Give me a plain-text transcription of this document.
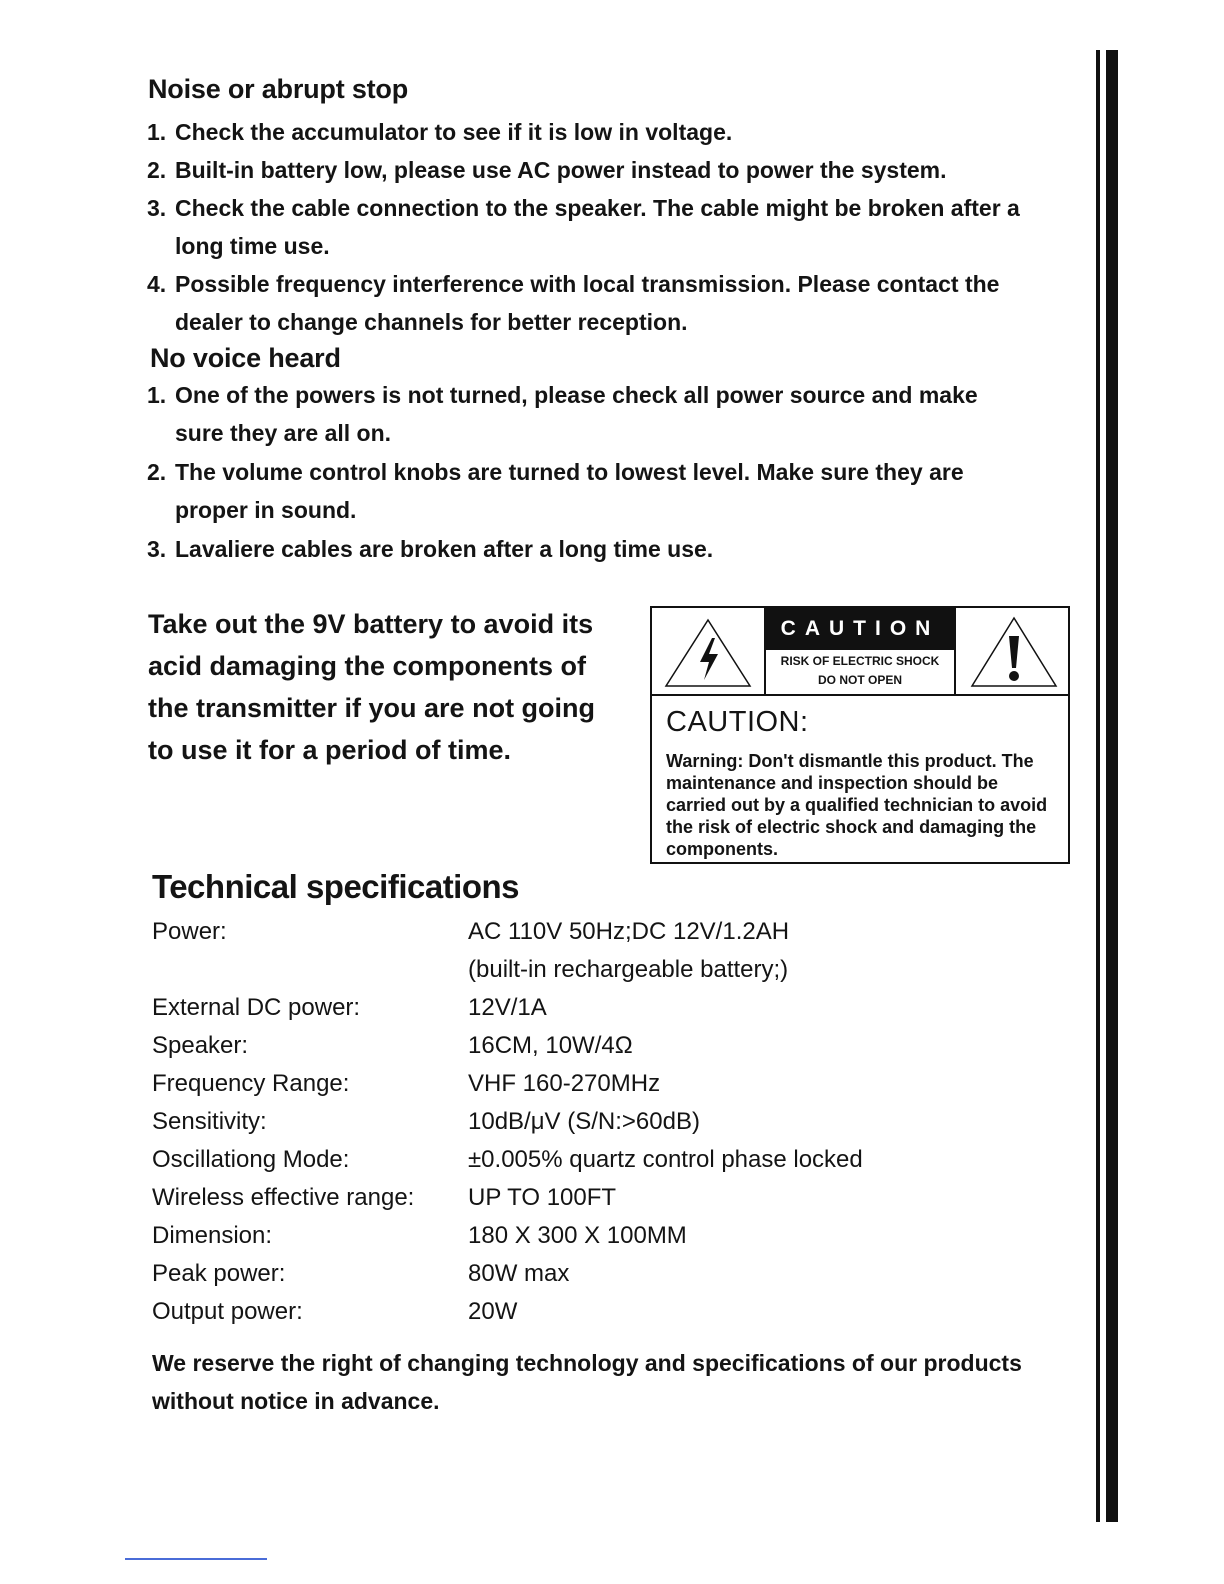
Noise or abrupt stop
1. Check the accumulator to see if it is low in voltage.
2. Built-in battery low, please use AC power instead to power the system.
3. Check the cable connection to the speaker. The cable might be broken after a
long time use.
4. Possible frequency interference with local transmission. Please contact the
dealer to change channels for better reception.
No voice heard
1. One of the powers is not turned, please check all power source and make
sure they are all on.
2. The volume control knobs are turned to lowest level. Make sure they are
proper in sound.
3. Lavaliere cables are broken after a long time use.
Take out the 9V battery to avoid its
acid damaging the components of
the transmitter if you are not going
to use it for a period of time.
CAUTION
RISK OF ELECTRIC SHOCK
DO NOT OPEN
CAUTION:
Warning: Don't dismantle this product. The maintenance and inspection should be carried out by a qualified technician to avoid the risk of electric shock and damaging the components.
Technical specifications
Power:	AC 110V 50Hz;DC 12V/1.2AH
(built-in rechargeable battery;)
External DC power:	12V/1A
Speaker:	16CM, 10W/4Ω
Frequency Range:	VHF 160-270MHz
Sensitivity:	10dB/μV (S/N:>60dB)
Oscillationg Mode:	±0.005% quartz control phase locked
Wireless effective range: UP TO 100FT
Dimension:	180 X 300 X 100MM
Peak power:	80W max
Output power:	20W
We reserve the right of changing technology and specifications of our products
without notice in advance.
